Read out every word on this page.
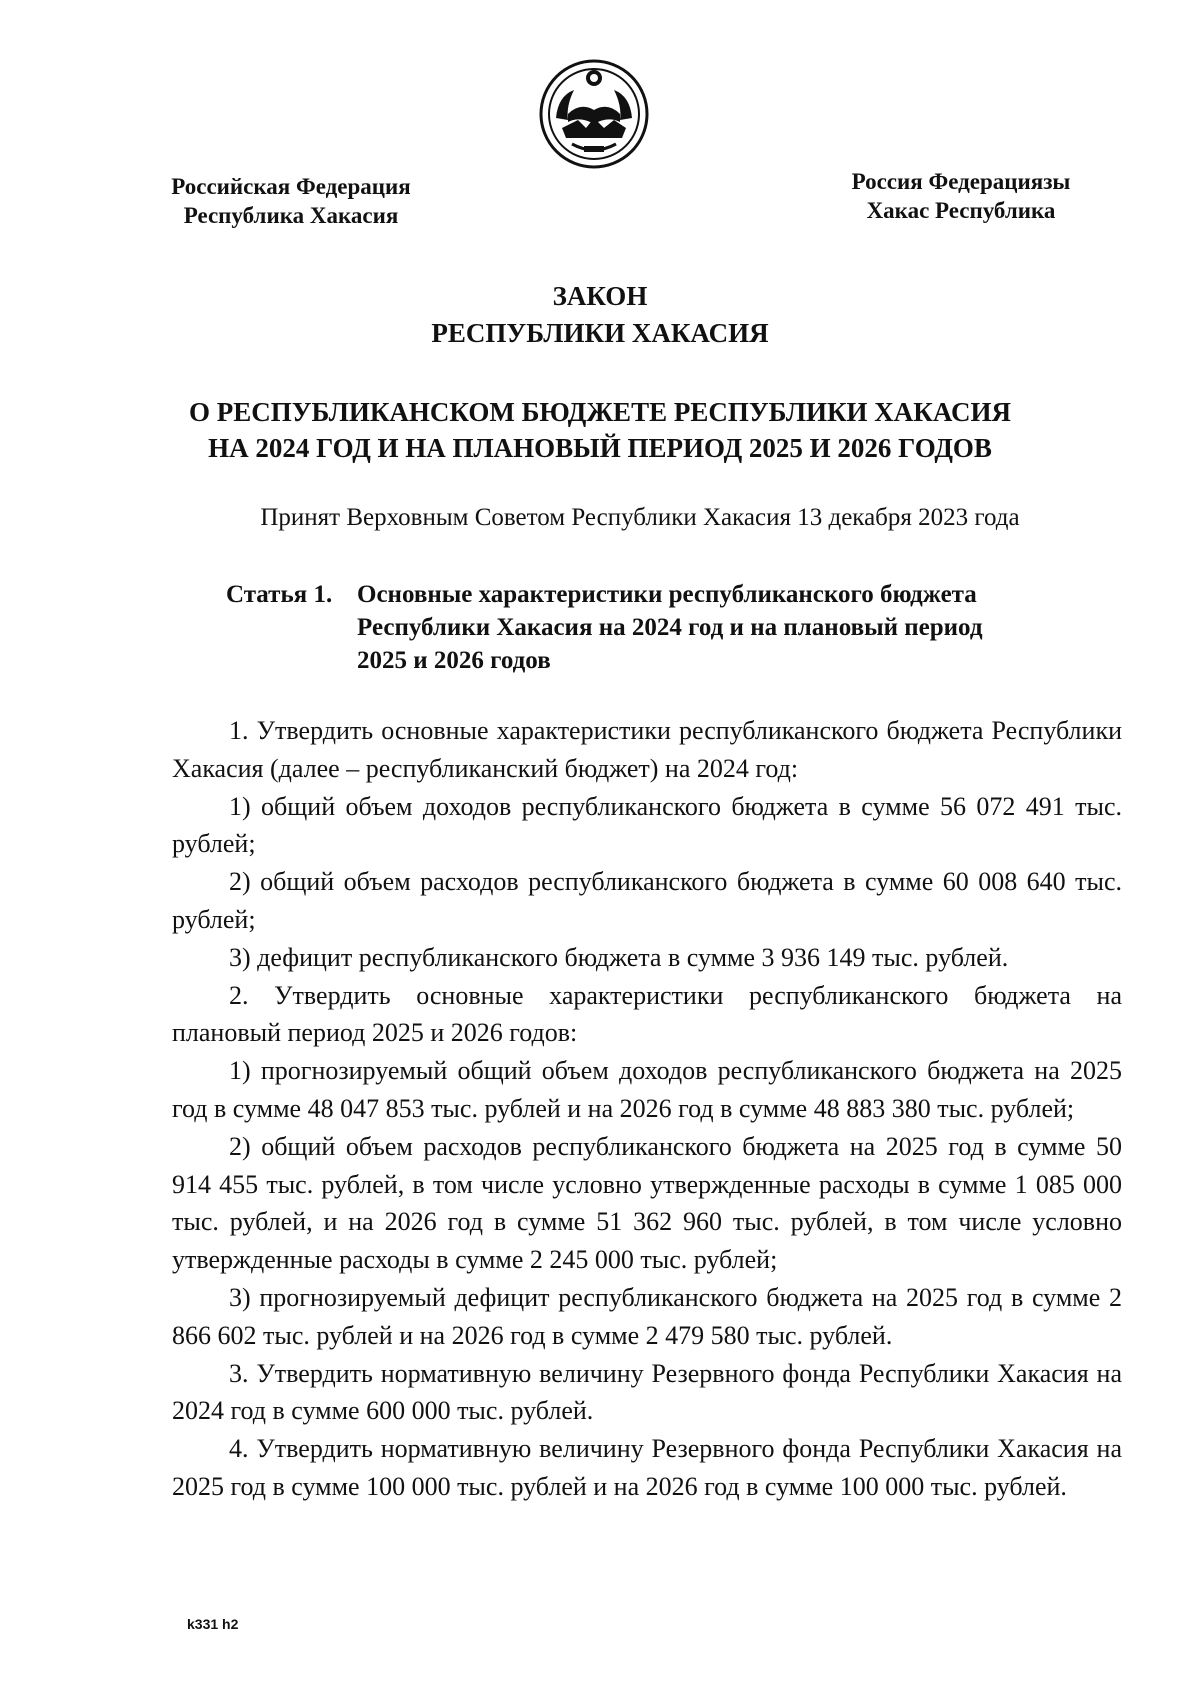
Российская Федерация
Республика Хакасия
Россия Федерациязы
Хакас Республика
ЗАКОН
РЕСПУБЛИКИ ХАКАСИЯ
О РЕСПУБЛИКАНСКОМ БЮДЖЕТЕ РЕСПУБЛИКИ ХАКАСИЯ
НА 2024 ГОД И НА ПЛАНОВЫЙ ПЕРИОД 2025 И 2026 ГОДОВ
Принят Верховным Советом Республики Хакасия 13 декабря 2023 года
Статья 1. Основные характеристики республиканского бюджета
Республики Хакасия на 2024 год и на плановый период
2025 и 2026 годов

1. Утвердить основные характеристики республиканского бюджета Республики Хакасия (далее – республиканский бюджет) на 2024 год:

1) общий объем доходов республиканского бюджета в сумме 56 072 491 тыс. рублей;

2) общий объем расходов республиканского бюджета в сумме 60 008 640 тыс. рублей;

3) дефицит республиканского бюджета в сумме 3 936 149 тыс. рублей.

2. Утвердить основные характеристики республиканского бюджета на плановый период 2025 и 2026 годов:

1) прогнозируемый общий объем доходов республиканского бюджета на 2025 год в сумме 48 047 853 тыс. рублей и на 2026 год в сумме 48 883 380 тыс. рублей;

2) общий объем расходов республиканского бюджета на 2025 год в сумме 50 914 455 тыс. рублей, в том числе условно утвержденные расходы в сумме 1 085 000 тыс. рублей, и на 2026 год в сумме 51 362 960 тыс. рублей, в том числе условно утвержденные расходы в сумме 2 245 000 тыс. рублей;

3) прогнозируемый дефицит республиканского бюджета на 2025 год в сумме 2 866 602 тыс. рублей и на 2026 год в сумме 2 479 580 тыс. рублей.

3. Утвердить нормативную величину Резервного фонда Республики Хакасия на 2024 год в сумме 600 000 тыс. рублей.

4. Утвердить нормативную величину Резервного фонда Республики Хакасия на 2025 год в сумме 100 000 тыс. рублей и на 2026 год в сумме 100 000 тыс. рублей.

k331 h2
